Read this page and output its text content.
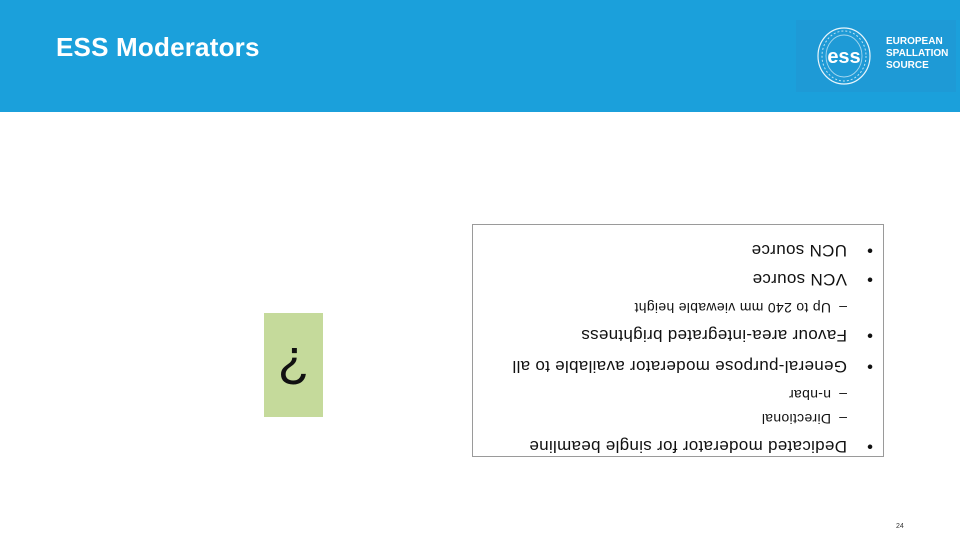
ESS Moderators	ess
EUROPEAN
SPALLATION
SOURCE
?
•Dedicated moderator for single beamline
–Directional
–n-nbar
•General-purpose moderator available to all
•Favour area-integrated brightness
–Up to 240 mm viewable height
•VCN source
•UCN source
24
